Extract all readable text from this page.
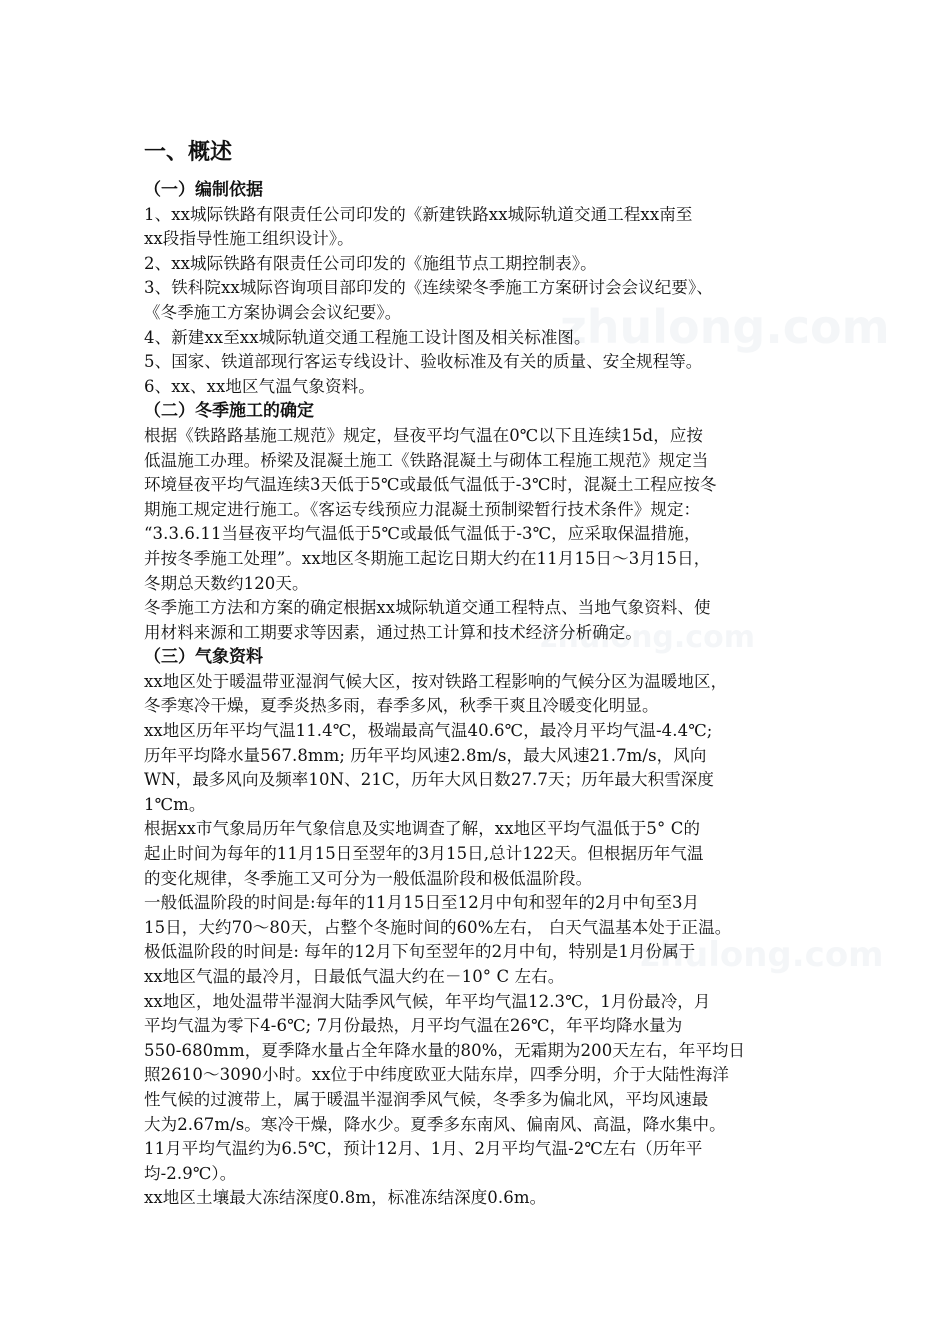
zhulong.com
zhulong.com
zhulong.com
一、概述
（一）编制依据
1、xx城际铁路有限责任公司印发的《新建铁路xx城际轨道交通工程xx南至
xx段指导性施工组织设计》。
2、xx城际铁路有限责任公司印发的《施组节点工期控制表》。
3、铁科院xx城际咨询项目部印发的《连续梁冬季施工方案研讨会会议纪要》、
《冬季施工方案协调会会议纪要》。
4、新建xx至xx城际轨道交通工程施工设计图及相关标准图。
5、国家、铁道部现行客运专线设计、验收标准及有关的质量、安全规程等。
6、xx、xx地区气温气象资料。
（二）冬季施工的确定
根据《铁路路基施工规范》规定，昼夜平均气温在0℃以下且连续15d，应按
低温施工办理。桥梁及混凝土施工《铁路混凝土与砌体工程施工规范》规定当
环境昼夜平均气温连续3天低于5℃或最低气温低于-3℃时，混凝土工程应按冬
期施工规定进行施工。《客运专线预应力混凝土预制梁暂行技术条件》规定：
“3.3.6.11当昼夜平均气温低于5℃或最低气温低于-3℃，应采取保温措施，
并按冬季施工处理”。xx地区冬期施工起讫日期大约在11月15日～3月15日，
冬期总天数约120天。
冬季施工方法和方案的确定根据xx城际轨道交通工程特点、当地气象资料、使
用材料来源和工期要求等因素，通过热工计算和技术经济分析确定。
（三）气象资料
xx地区处于暖温带亚湿润气候大区，按对铁路工程影响的气候分区为温暖地区，
冬季寒冷干燥，夏季炎热多雨，春季多风，秋季干爽且冷暖变化明显。
xx地区历年平均气温11.4℃，极端最高气温40.6℃，最冷月平均气温-4.4℃;
历年平均降水量567.8mm; 历年平均风速2.8m/s，最大风速21.7m/s，风向
WN，最多风向及频率10N、21C，历年大风日数27.7天；历年最大积雪深度
1℃m。
根据xx市气象局历年气象信息及实地调查了解，xx地区平均气温低于5° C的
起止时间为每年的11月15日至翌年的3月15日,总计122天。但根据历年气温
的变化规律，冬季施工又可分为一般低温阶段和极低温阶段。
一般低温阶段的时间是:每年的11月15日至12月中旬和翌年的2月中旬至3月
15日，大约70～80天，占整个冬施时间的60%左右， 白天气温基本处于正温。
极低温阶段的时间是: 每年的12月下旬至翌年的2月中旬，特别是1月份属于
xx地区气温的最冷月，日最低气温大约在－10° C 左右。
xx地区，地处温带半湿润大陆季风气候，年平均气温12.3℃，1月份最冷，月
平均气温为零下4-6℃; 7月份最热，月平均气温在26℃，年平均降水量为
550-680mm，夏季降水量占全年降水量的80%，无霜期为200天左右，年平均日
照2610～3090小时。xx位于中纬度欧亚大陆东岸，四季分明，介于大陆性海洋
性气候的过渡带上，属于暖温半湿润季风气候，冬季多为偏北风，平均风速最
大为2.67m/s。寒冷干燥，降水少。夏季多东南风、偏南风、高温，降水集中。
11月平均气温约为6.5℃，预计12月、1月、2月平均气温-2℃左右（历年平
均-2.9℃）。
xx地区土壤最大冻结深度0.8m，标准冻结深度0.6m。
